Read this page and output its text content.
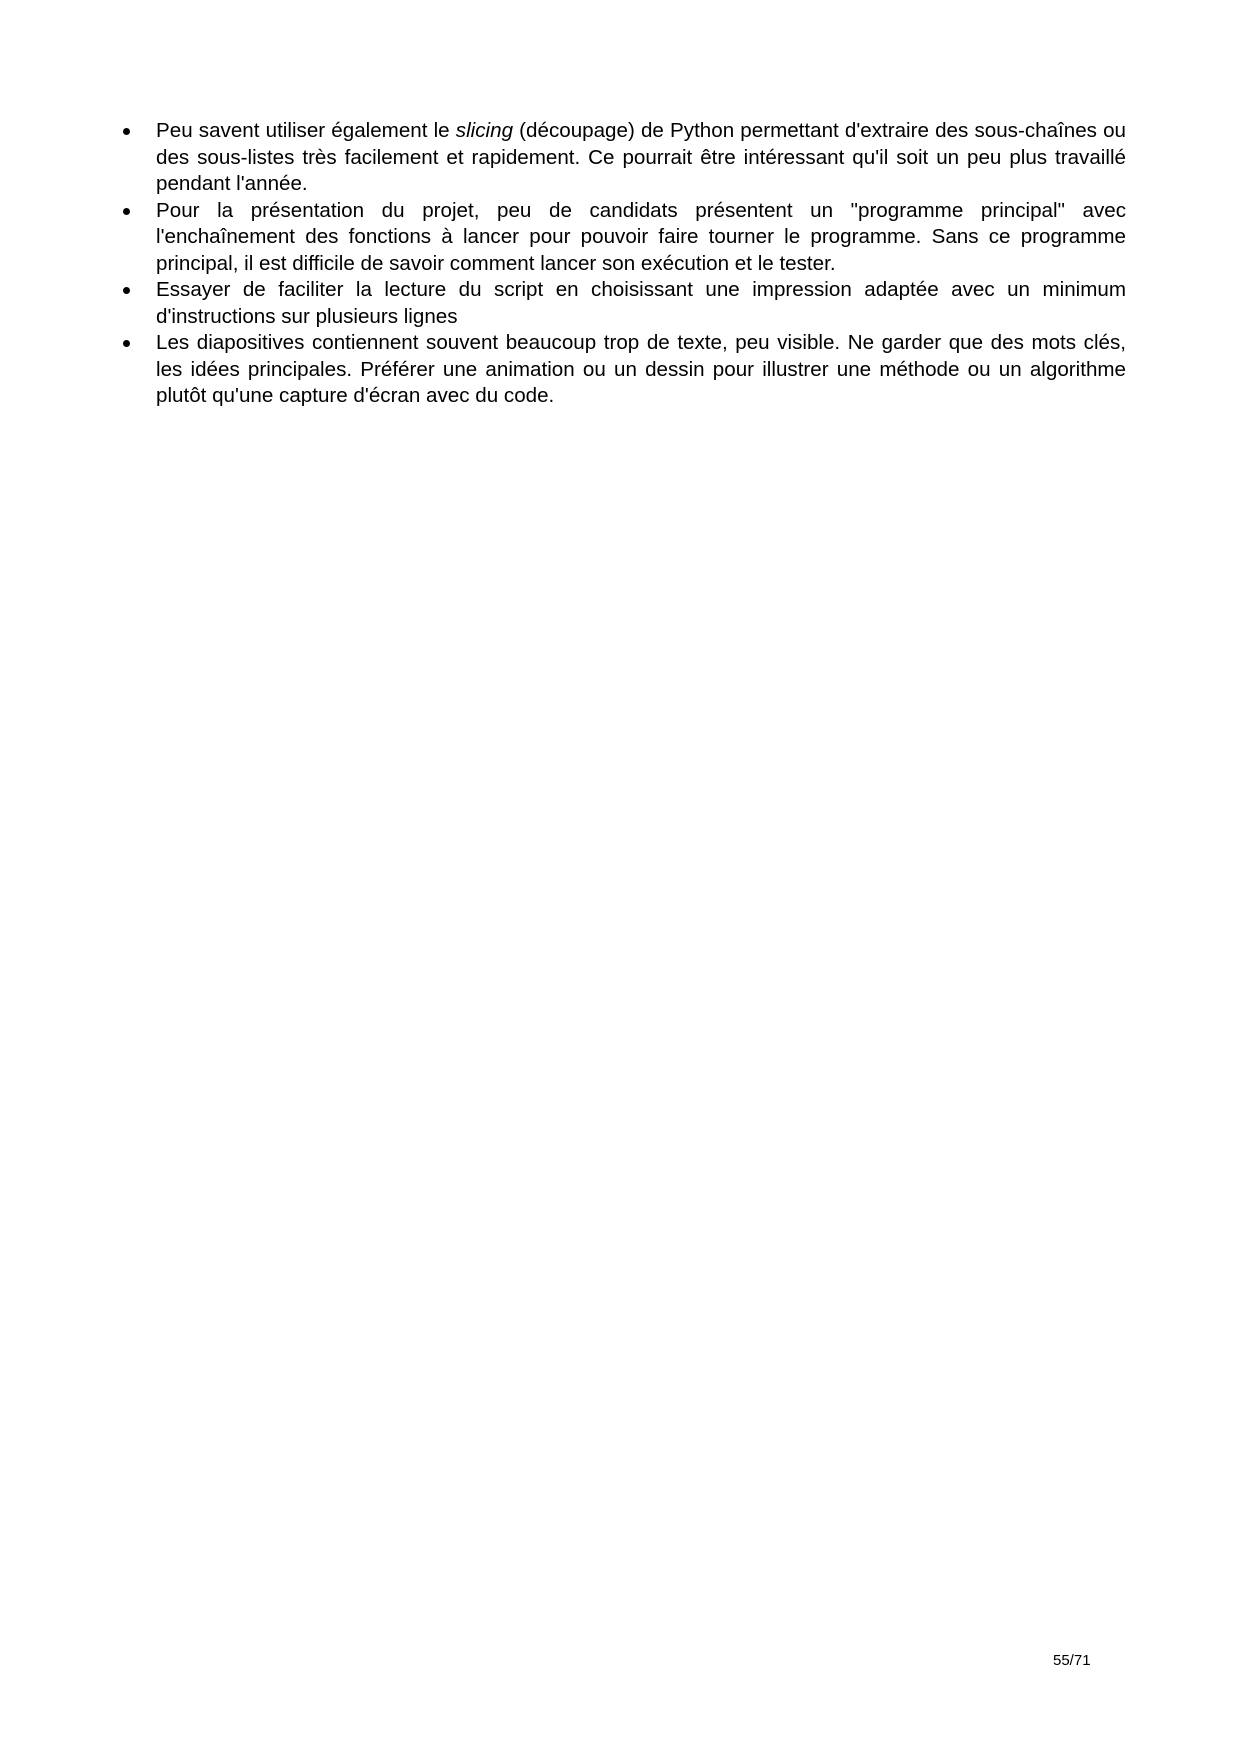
Peu savent utiliser également le slicing (découpage) de Python permettant d'extraire des sous-chaînes ou des sous-listes très facilement et rapidement. Ce pourrait être intéressant qu'il soit un peu plus travaillé pendant l'année.
Pour la présentation du projet, peu de candidats présentent un "programme principal" avec l'enchaînement des fonctions à lancer pour pouvoir faire tourner le programme. Sans ce programme principal, il est difficile de savoir comment lancer son exécution et le tester.
Essayer de faciliter la lecture du script en choisissant une impression adaptée avec un minimum d'instructions sur plusieurs lignes
Les diapositives contiennent souvent beaucoup trop de texte, peu visible. Ne garder que des mots clés, les idées principales. Préférer une animation ou un dessin pour illustrer une méthode ou un algorithme plutôt qu'une capture d'écran avec du code.
55/71
